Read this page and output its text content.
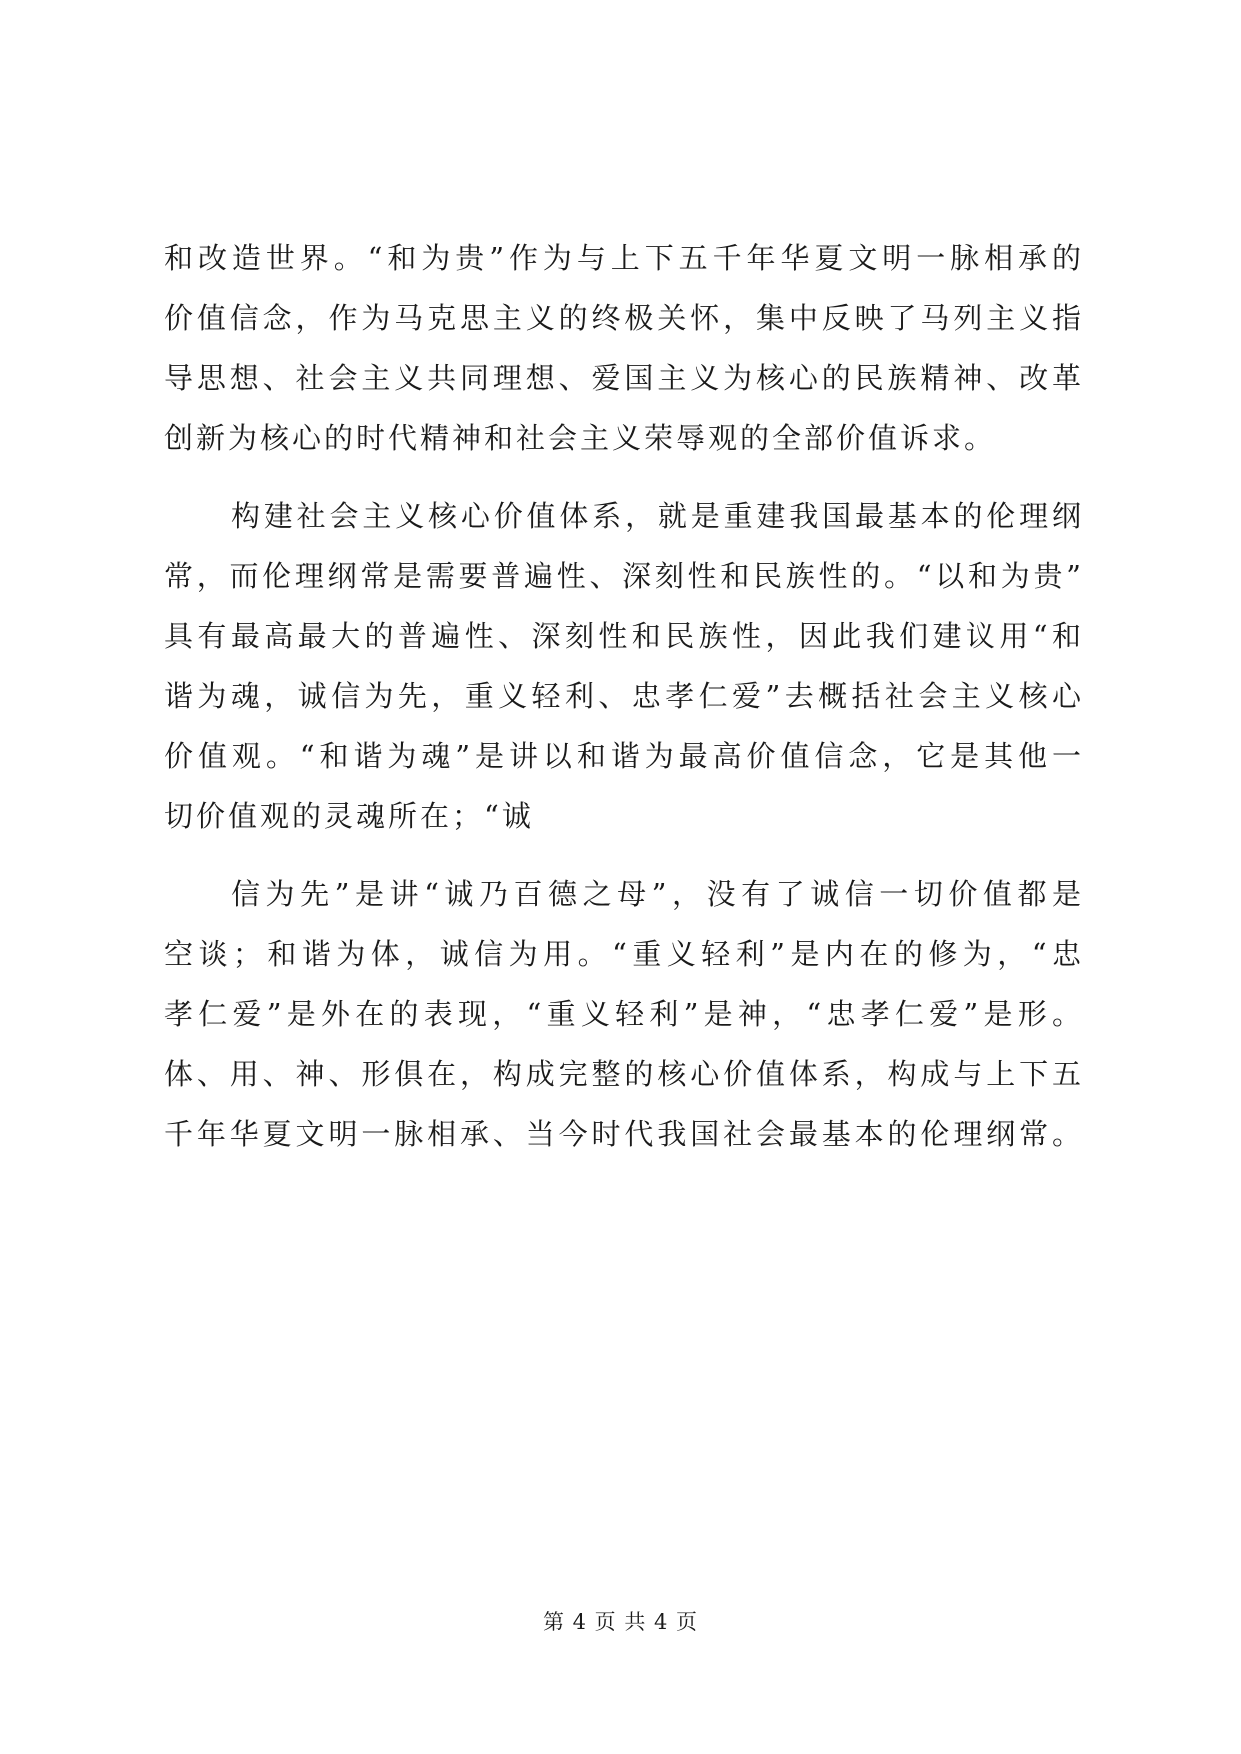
和改造世界。“和为贵”作为与上下五千年华夏文明一脉相承的
价值信念，作为马克思主义的终极关怀，集中反映了马列主义指
导思想、社会主义共同理想、爱国主义为核心的民族精神、改革
创新为核心的时代精神和社会主义荣辱观的全部价值诉求。
构建社会主义核心价值体系，就是重建我国最基本的伦理纲
常，而伦理纲常是需要普遍性、深刻性和民族性的。“以和为贵”
具有最高最大的普遍性、深刻性和民族性，因此我们建议用“和
谐为魂，诚信为先，重义轻利、忠孝仁爱”去概括社会主义核心
价值观。“和谐为魂”是讲以和谐为最高价值信念，它是其他一
切价值观的灵魂所在；“诚
信为先”是讲“诚乃百德之母”，没有了诚信一切价值都是
空谈；和谐为体，诚信为用。“重义轻利”是内在的修为，“忠
孝仁爱”是外在的表现，“重义轻利”是神，“忠孝仁爱”是形。
体、用、神、形俱在，构成完整的核心价值体系，构成与上下五
千年华夏文明一脉相承、当今时代我国社会最基本的伦理纲常。
第 4 页 共 4 页
